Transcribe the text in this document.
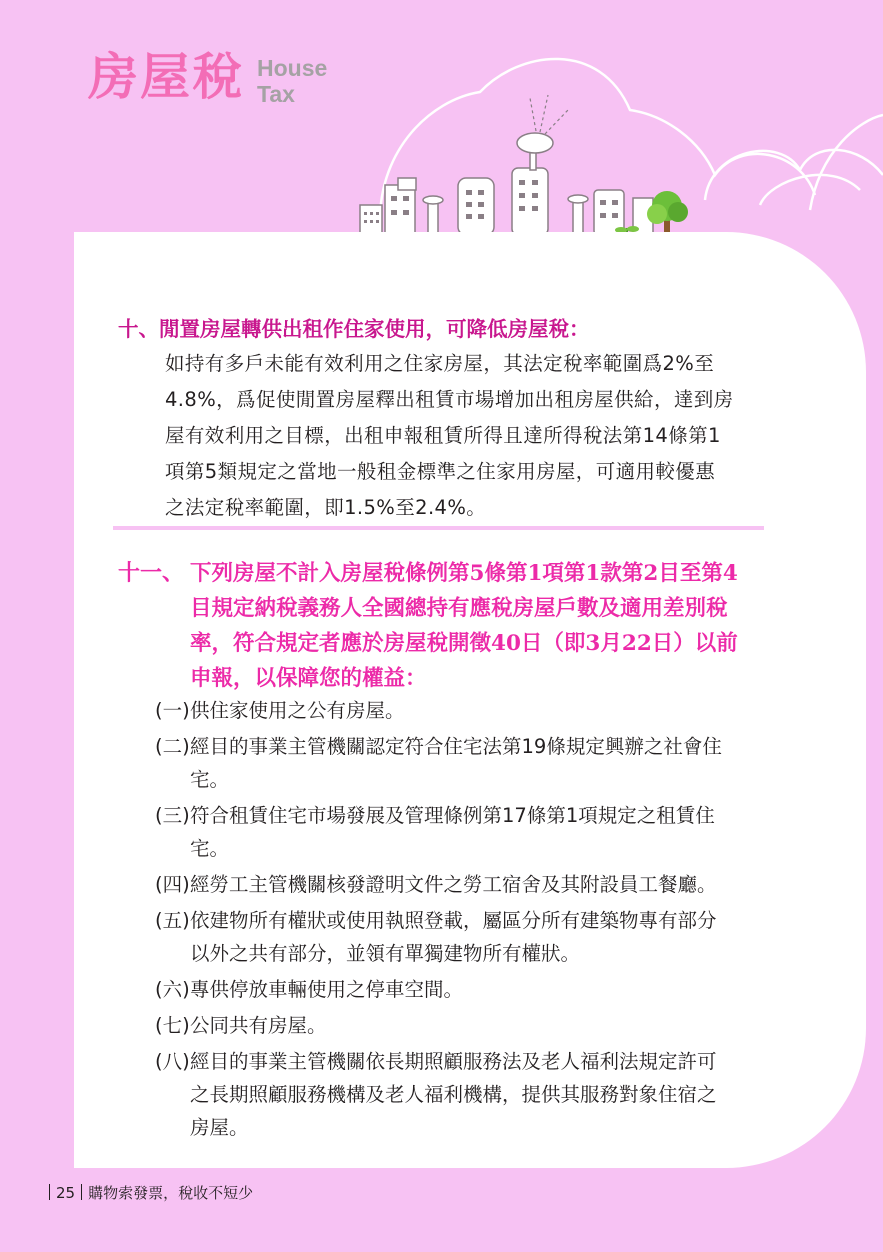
房屋稅 House
Tax
十、閒置房屋轉供出租作住家使用，可降低房屋稅：
如持有多戶未能有效利用之住家房屋，其法定稅率範圍爲2%至
4.8%，爲促使閒置房屋釋出租賃市場增加出租房屋供給，達到房
屋有效利用之目標，出租申報租賃所得且達所得稅法第14條第1
項第5類規定之當地一般租金標準之住家用房屋，可適用較優惠
之法定稅率範圍，即1.5%至2.4%。
十一、 下列房屋不計入房屋稅條例第5條第1項第1款第2目至第4
目規定納稅義務人全國總持有應稅房屋戶數及適用差別稅
率，符合規定者應於房屋稅開徵40日（即3月22日）以前
申報，以保障您的權益：
(一) 供住家使用之公有房屋。
(二) 經目的事業主管機關認定符合住宅法第19條規定興辦之社會住
宅。
(三) 符合租賃住宅市場發展及管理條例第17條第1項規定之租賃住
宅。
(四) 經勞工主管機關核發證明文件之勞工宿舍及其附設員工餐廳。
(五) 依建物所有權狀或使用執照登載，屬區分所有建築物專有部分
以外之共有部分，並領有單獨建物所有權狀。
(六) 專供停放車輛使用之停車空間。
(七) 公同共有房屋。
(八) 經目的事業主管機關依長期照顧服務法及老人福利法規定許可
之長期照顧服務機構及老人福利機構，提供其服務對象住宿之
房屋。
25 購物索發票，稅收不短少
